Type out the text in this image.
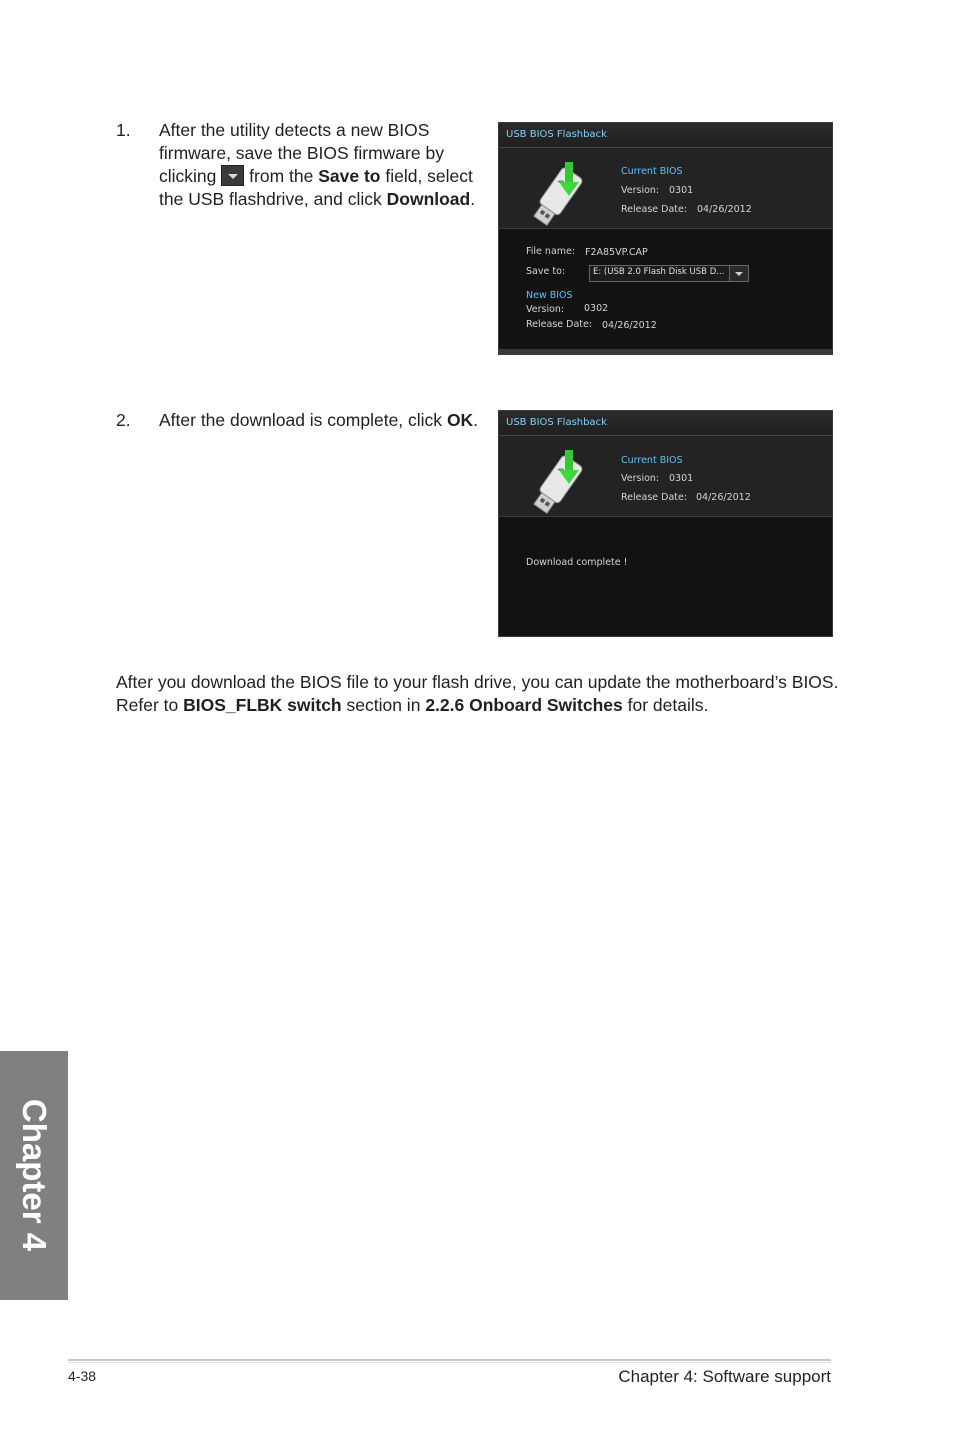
1. After the utility detects a new BIOS
firmware, save the BIOS firmware by
clicking from the Save to field, select
the USB flashdrive, and click Download.
USB BIOS Flashback
Current BIOS
Version: 0301
Release Date: 04/26/2012
File name: F2A85VP.CAP
Save to:	E: (USB 2.0 Flash Disk USB D...
New BIOS
Version: 0302
Release Date: 04/26/2012
2. After the download is complete, click OK.	USB BIOS Flashback
Current BIOS
Version: 0301
Release Date: 04/26/2012
Download complete !

After you download the BIOS file to your flash drive, you can update the motherboard’s BIOS.

Refer to BIOS_FLBK switch section in 2.2.6 Onboard Switches for details.

Chapter 4
4-38	Chapter 4: Software support
